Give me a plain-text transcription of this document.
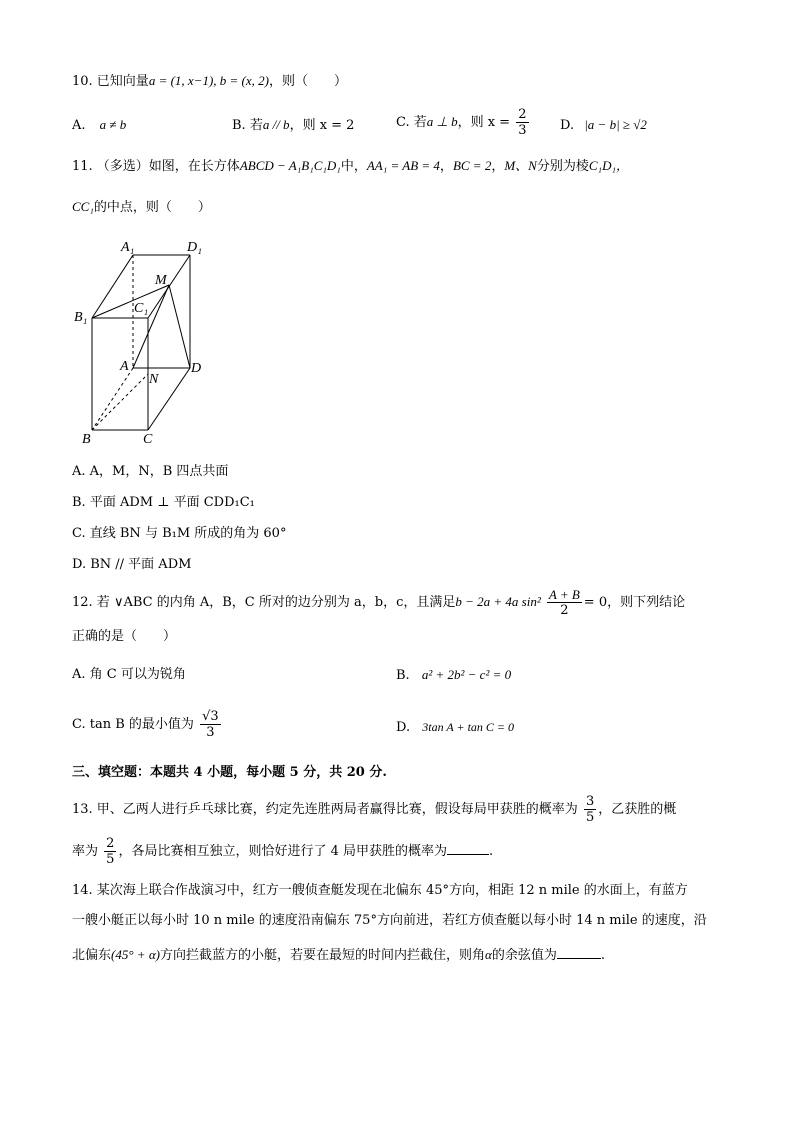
10. 已知向量a = (1, x−1), b = (x, 2)，则（　　）
A. a ≠ b	B. 若a // b，则 x = 2	C. 若a ⊥ b，则 $x = \frac{2}{3} D$. |a − b| ≥ √2
11. （多选）如图，在长方体ABCD − A₁B₁C₁D₁中，AA₁ = AB = 4，BC = 2，M、N分别为棱C₁D₁，
CC₁的中点，则（　　）
A₁	D₁
M
C₁
B₁
A
N
D
B	C
A. A，M，N，B 四点共面
B. 平面 ADM ⊥ 平面 CDD₁C₁
C. 直线 BN 与 B₁M 所成的角为 60°
D. BN // 平面 ADM
12. 若 ∨ABC 的内角 A，B，C 所对的边分别为 a，b，c，且满足b − 2a + 4a $\sin^2 \frac{A + B}{2} = 0$，则下列结论
正确的是（　　）
A. 角 C 可以为锐角	B. a² + 2b² − c² = 0
C. tan B 的最小值为 $\frac{√3}{3}$	D. 3tan A + tan C = 0
三、填空题：本题共 4 小题，每小题 5 分，共 20 分.
13. 甲、乙两人进行乒乓球比赛，约定先连胜两局者赢得比赛，假设每局甲获胜的概率为 $\frac{3}{5}$ ，乙获胜的概
率为 $\frac{2}{5}$ ，各局比赛相互独立，则恰好进行了 4 局甲获胜的概率为	.
14. 某次海上联合作战演习中，红方一艘侦查艇发现在北偏东 45°方向，相距 12 n mile 的水面上，有蓝方
一艘小艇正以每小时 10 n mile 的速度沿南偏东 75°方向前进，若红方侦查艇以每小时 14 n mile 的速度，沿
北偏东(45° + α)方向拦截蓝方的小艇，若要在最短的时间内拦截住，则角α的余弦值为	.
